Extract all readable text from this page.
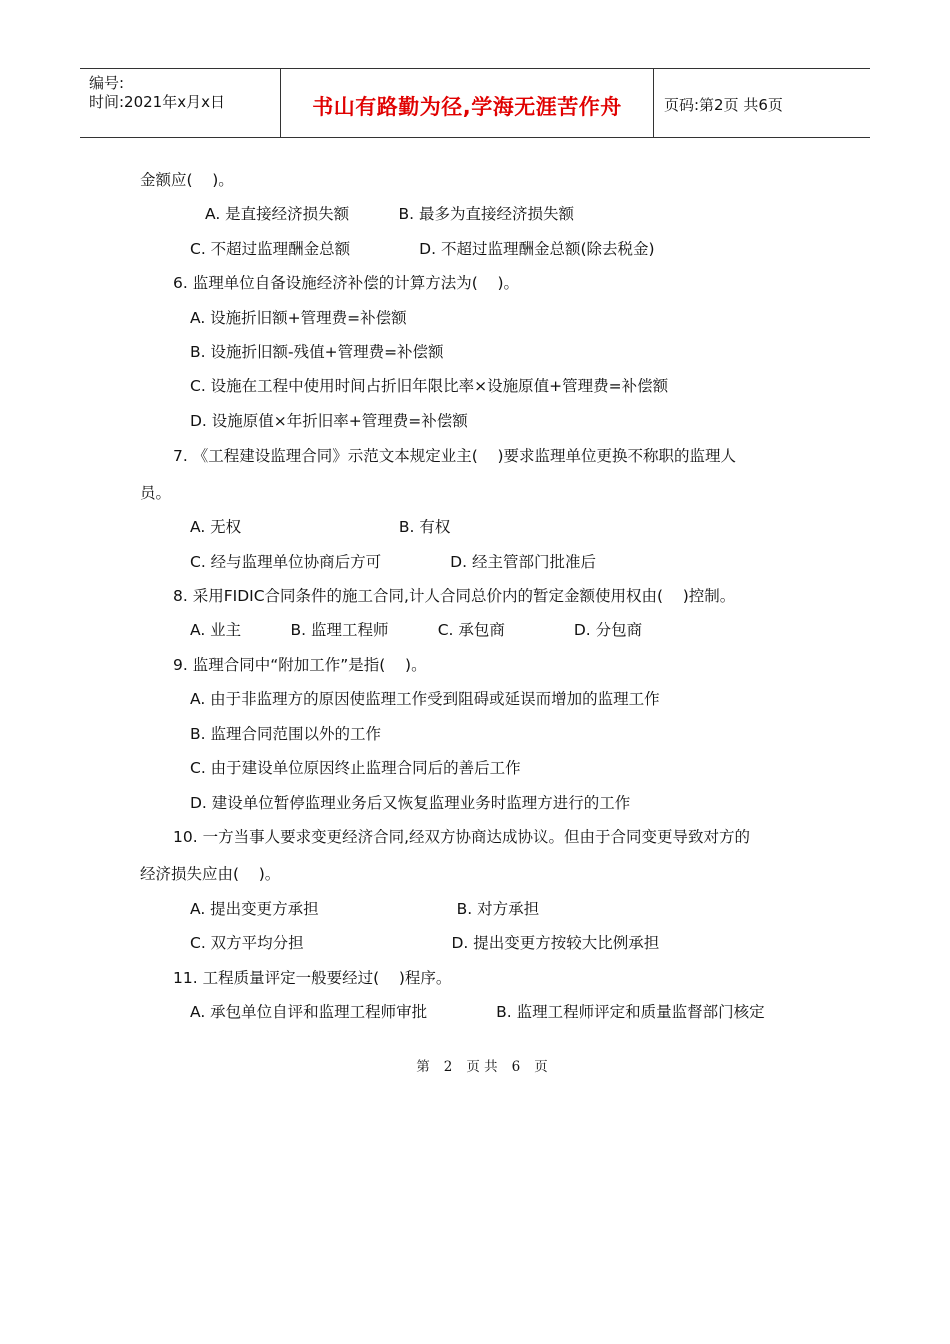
编号:
时间:2021年x月x日	书山有路勤为径,学海无涯苦作舟	页码:第2页 共6页
金额应(    )。
A. 是直接经济损失额          B. 最多为直接经济损失额
C. 不超过监理酬金总额              D. 不超过监理酬金总额(除去税金)
6. 监理单位自备设施经济补偿的计算方法为(    )。
A. 设施折旧额+管理费=补偿额
B. 设施折旧额-残值+管理费=补偿额
C. 设施在工程中使用时间占折旧年限比率×设施原值+管理费=补偿额
D. 设施原值×年折旧率+管理费=补偿额
7. 《工程建设监理合同》示范文本规定业主(    )要求监理单位更换不称职的监理人
员。
A. 无权                                B. 有权
C. 经与监理单位协商后方可              D. 经主管部门批准后
8. 采用FIDIC合同条件的施工合同,计人合同总价内的暂定金额使用权由(    )控制。
A. 业主          B. 监理工程师          C. 承包商              D. 分包商
9. 监理合同中“附加工作”是指(    )。
A. 由于非监理方的原因使监理工作受到阻碍或延误而增加的监理工作
B. 监理合同范围以外的工作
C. 由于建设单位原因终止监理合同后的善后工作
D. 建设单位暂停监理业务后又恢复监理业务时监理方进行的工作
10. 一方当事人要求变更经济合同,经双方协商达成协议。但由于合同变更导致对方的
经济损失应由(    )。
A. 提出变更方承担                            B. 对方承担
C. 双方平均分担                              D. 提出变更方按较大比例承担
11. 工程质量评定一般要经过(    )程序。
A. 承包单位自评和监理工程师审批              B. 监理工程师评定和质量监督部门核定
第 2 页 共 6 页
